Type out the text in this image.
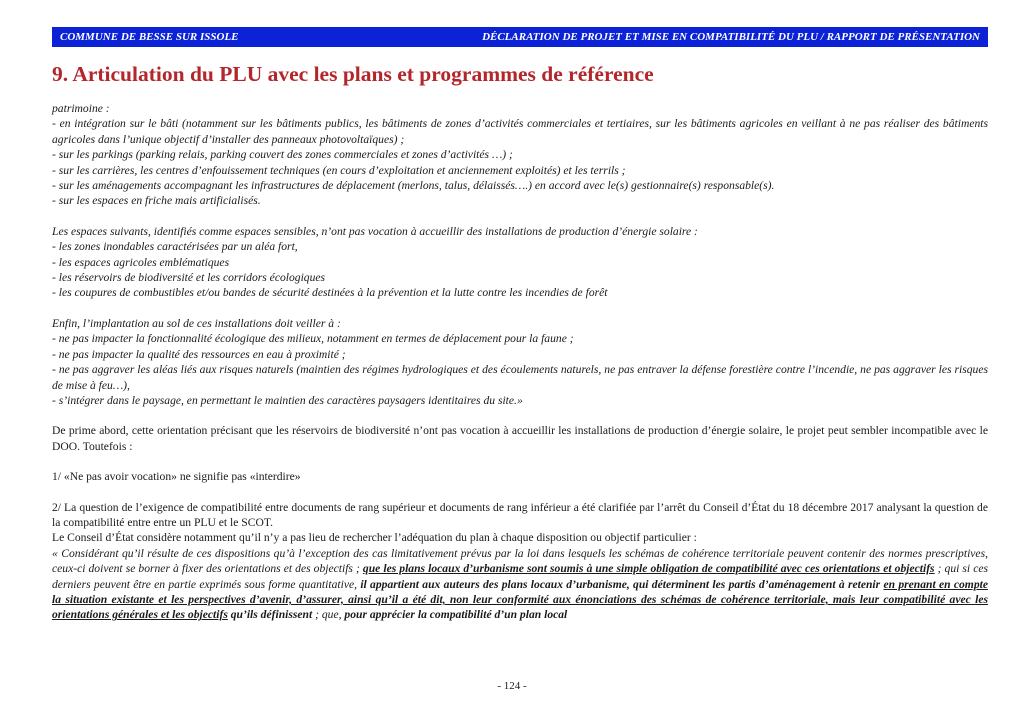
COMMUNE DE BESSE SUR ISSOLE	DÉCLARATION DE PROJET ET MISE EN COMPATIBILITÉ DU PLU / RAPPORT DE PRÉSENTATION
9. Articulation du PLU avec les plans et programmes de référence

patrimoine :

- en intégration sur le bâti (notamment sur les bâtiments publics, les bâtiments de zones d’activités commerciales et tertiaires, sur les bâtiments agricoles en veillant à ne pas réaliser des bâtiments agricoles dans l’unique objectif d’installer des panneaux photovoltaïques) ;

- sur les parkings (parking relais, parking couvert des zones commerciales et zones d’activités …) ;

- sur les carrières, les centres d’enfouissement techniques (en cours d’exploitation et anciennement exploités) et les terrils ;

- sur les aménagements accompagnant les infrastructures de déplacement (merlons, talus, délaissés….) en accord avec le(s) gestionnaire(s) responsable(s).

- sur les espaces en friche mais artificialisés.

Les espaces suivants, identifiés comme espaces sensibles, n’ont pas vocation à accueillir des installations de production d’énergie solaire :

- les zones inondables caractérisées par un aléa fort,

- les espaces agricoles emblématiques

- les réservoirs de biodiversité et les corridors écologiques

- les coupures de combustibles et/ou bandes de sécurité destinées à la prévention et la lutte contre les incendies de forêt

Enfin, l’implantation au sol de ces installations doit veiller à :

- ne pas impacter la fonctionnalité écologique des milieux, notamment en termes de déplacement pour la faune ;

- ne pas impacter la qualité des ressources en eau à proximité ;

- ne pas aggraver les aléas liés aux risques naturels (maintien des régimes hydrologiques et des écoulements naturels, ne pas entraver la défense forestière contre l’incendie, ne pas aggraver les risques de mise à feu…),

- s’intégrer dans le paysage, en permettant le maintien des caractères paysagers identitaires du site.»

De prime abord, cette orientation précisant que les réservoirs de biodiversité n’ont pas vocation à accueillir les installations de production d’énergie solaire, le projet peut sembler incompatible avec le DOO. Toutefois :

1/ «Ne pas avoir vocation» ne signifie pas «interdire»

2/ La question de l’exigence de compatibilité entre documents de rang supérieur et documents de rang inférieur a été clarifiée par l’arrêt du Conseil d’État du 18 décembre 2017 analysant la question de la compatibilité entre entre un PLU et le SCOT.

Le Conseil d’État considère notamment qu’il n’y a pas lieu de rechercher l’adéquation du plan à chaque disposition ou objectif particulier :

« Considérant qu’il résulte de ces dispositions qu’à l’exception des cas limitativement prévus par la loi dans lesquels les schémas de cohérence territoriale peuvent contenir des normes prescriptives, ceux-ci doivent se borner à fixer des orientations et des objectifs ; que les plans locaux d’urbanisme sont soumis à une simple obligation de compatibilité avec ces orientations et objectifs ; qui si ces derniers peuvent être en partie exprimés sous forme quantitative, il appartient aux auteurs des plans locaux d’urbanisme, qui déterminent les partis d’aménagement à retenir en prenant en compte la situation existante et les perspectives d’avenir, d’assurer, ainsi qu’il a été dit, non leur conformité aux énonciations des schémas de cohérence territoriale, mais leur compatibilité avec les orientations générales et les objectifs qu’ils définissent ; que, pour apprécier la compatibilité d’un plan local

- 124 -
